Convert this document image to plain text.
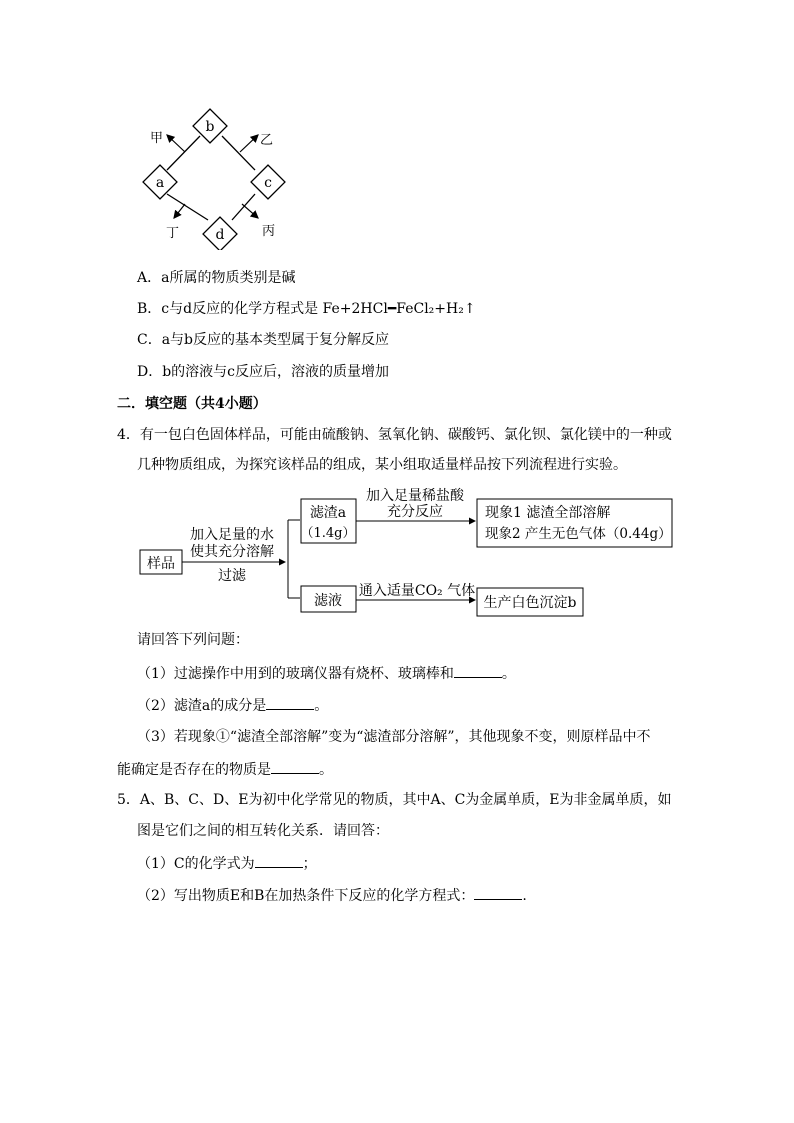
b
a	c
d
甲	乙
丁	丙
A．a所属的物质类别是碱
B．c与d反应的化学方程式是 Fe+2HCl━FeCl₂+H₂↑
C．a与b反应的基本类型属于复分解反应
D．b的溶液与c反应后，溶液的质量增加
二．填空题（共4小题）
4．有一包白色固体样品，可能由硫酸钠、氢氧化钠、碳酸钙、氯化钡、氯化镁中的一种或
几种物质组成，为探究该样品的组成，某小组取适量样品按下列流程进行实验。
样品
加入足量的水
使其充分溶解
过滤
滤渣a
（1.4g）
加入足量稀盐酸
充分反应	现象1 滤渣全部溶解
现象2 产生无色气体（0.44g）
滤液
通入适量CO₂ 气体
生产白色沉淀b
请回答下列问题：
（1）过滤操作中用到的玻璃仪器有烧杯、玻璃棒和	。
（2）滤渣a的成分是	。
（3）若现象①“滤渣全部溶解”变为“滤渣部分溶解”，其他现象不变，则原样品中不
能确定是否存在的物质是	。
5．A、B、C、D、E为初中化学常见的物质，其中A、C为金属单质，E为非金属单质，如
图是它们之间的相互转化关系．请回答：
（1）C的化学式为	；
（2）写出物质E和B在加热条件下反应的化学方程式：	.
